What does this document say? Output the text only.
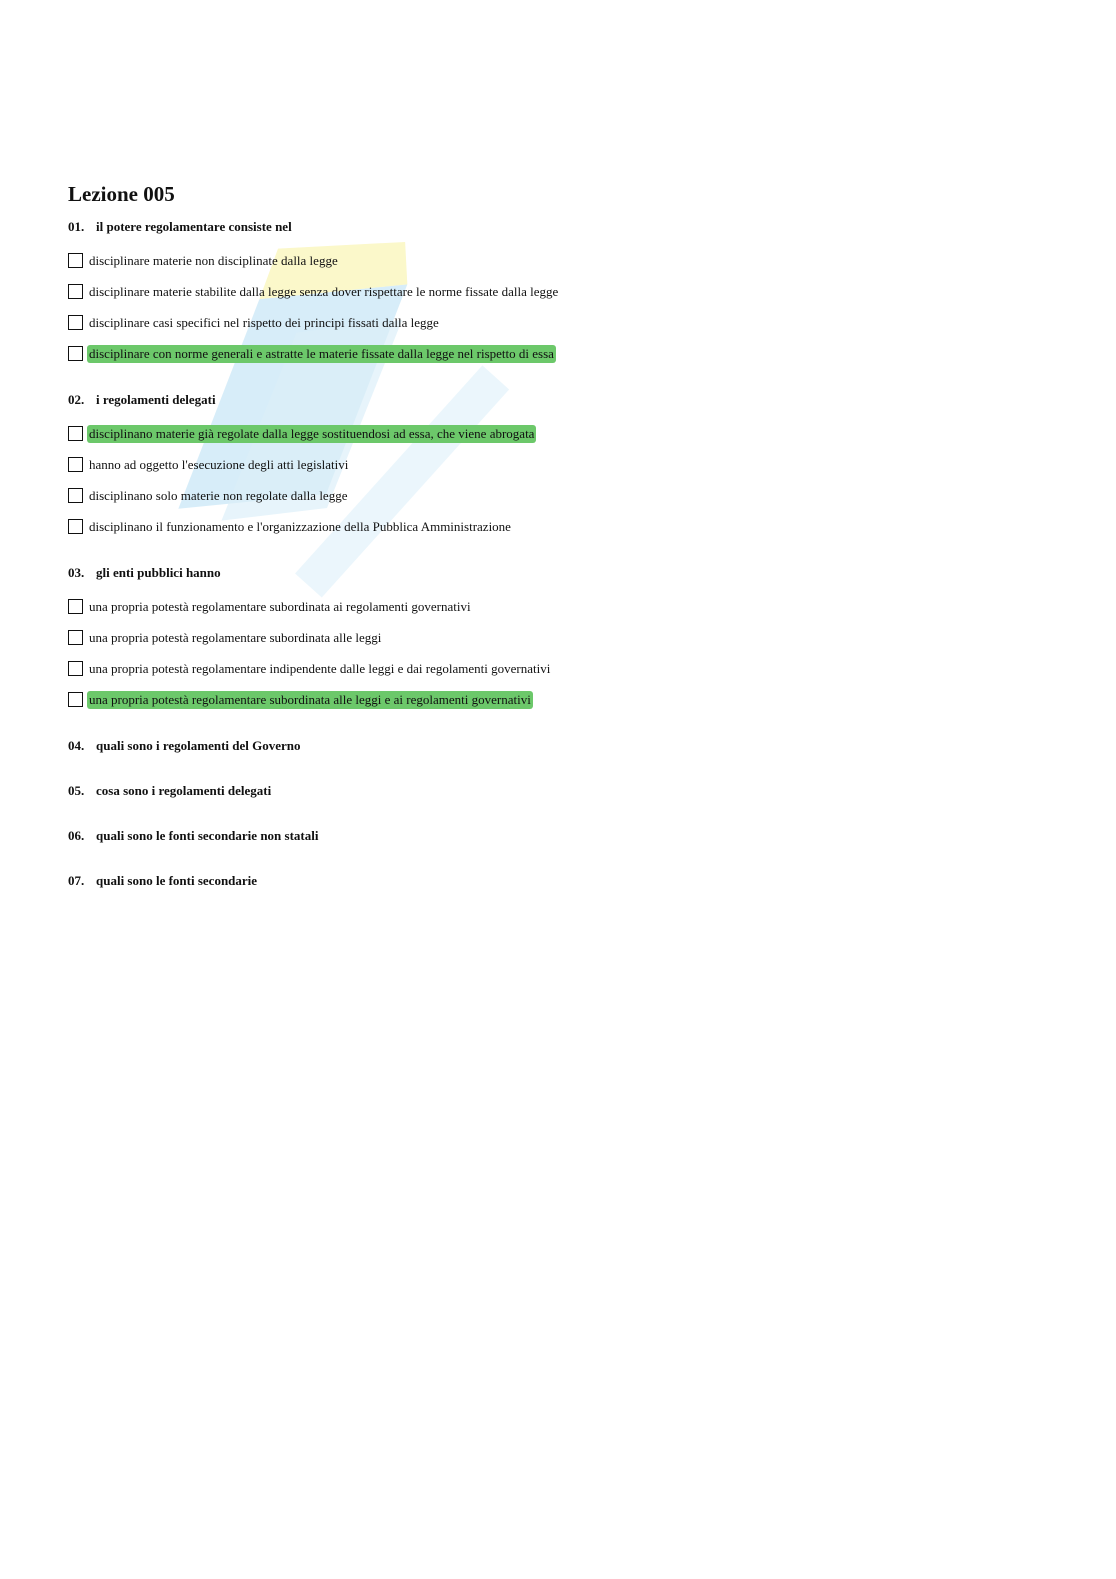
Lezione 005
01. il potere regolamentare consiste nel
disciplinare materie non disciplinate dalla legge
disciplinare materie stabilite dalla legge senza dover rispettare le norme fissate dalla legge
disciplinare casi specifici nel rispetto dei principi fissati dalla legge
disciplinare con norme generali e astratte le materie fissate dalla legge nel rispetto di essa
02. i regolamenti delegati
disciplinano materie già regolate dalla legge sostituendosi ad essa, che viene abrogata
hanno ad oggetto l'esecuzione degli atti legislativi
disciplinano solo materie non regolate dalla legge
disciplinano il funzionamento e l'organizzazione della Pubblica Amministrazione
03. gli enti pubblici hanno
una propria potestà regolamentare subordinata ai regolamenti governativi
una propria potestà regolamentare subordinata alle leggi
una propria potestà regolamentare indipendente dalle leggi e dai regolamenti governativi
una propria potestà regolamentare subordinata alle leggi e ai regolamenti governativi
04. quali sono i regolamenti del Governo
05. cosa sono i regolamenti delegati
06. quali sono le fonti secondarie non statali
07. quali sono le fonti secondarie
